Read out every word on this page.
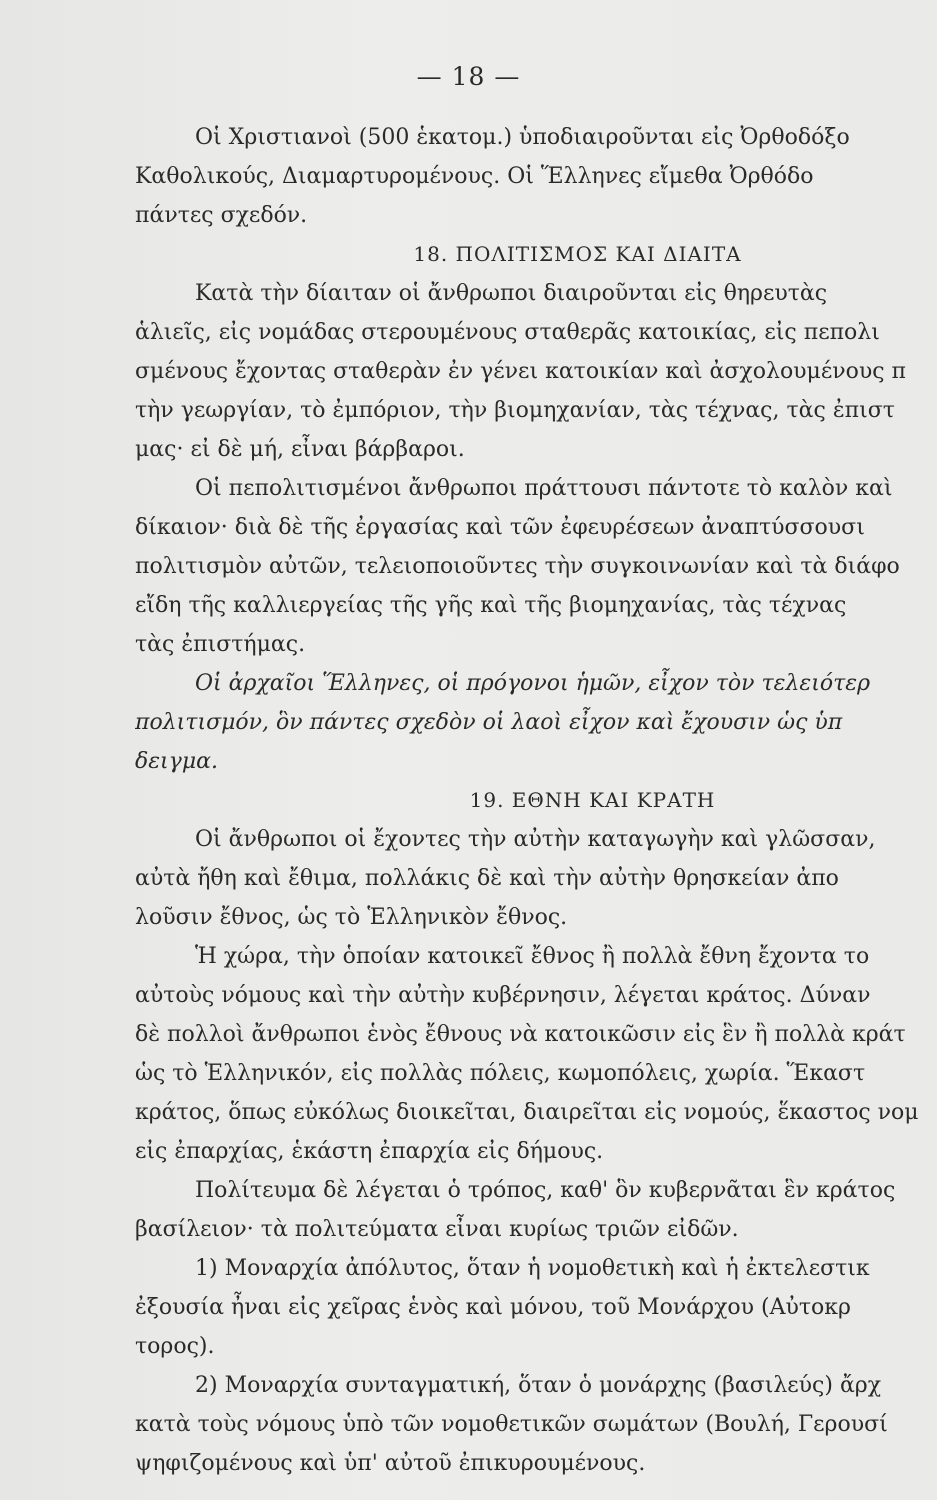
— 18 —
Οἱ Χριστιανοὶ (500 ἑκατομ.) ὑποδιαιροῦνται εἰς Ὀρθοδόξο
Καθολικούς, Διαμαρτυρομένους. Οἱ Ἕλληνες εἴμεθα Ὀρθόδο
πάντες σχεδόν.
18. ΠΟΛΙΤΙΣΜΟΣ ΚΑΙ ΔΙΑΙΤΑ
Κατὰ τὴν δίαιταν οἱ ἄνθρωποι διαιροῦνται εἰς θηρευτὰς
ἁλιεῖς, εἰς νομάδας στερουμένους σταθερᾶς κατοικίας, εἰς πεπολι
σμένους ἔχοντας σταθερὰν ἐν γένει κατοικίαν καὶ ἀσχολουμένους π
τὴν γεωργίαν, τὸ ἐμπόριον, τὴν βιομηχανίαν, τὰς τέχνας, τὰς ἐπιστ
μας· εἰ δὲ μή, εἶναι βάρβαροι.
Οἱ πεπολιτισμένοι ἄνθρωποι πράττουσι πάντοτε τὸ καλὸν καὶ
δίκαιον· διὰ δὲ τῆς ἐργασίας καὶ τῶν ἐφευρέσεων ἀναπτύσσουσι
πολιτισμὸν αὐτῶν, τελειοποιοῦντες τὴν συγκοινωνίαν καὶ τὰ διάφο
εἴδη τῆς καλλιεργείας τῆς γῆς καὶ τῆς βιομηχανίας, τὰς τέχνας
τὰς ἐπιστήμας.
Οἱ ἀρχαῖοι Ἕλληνες, οἱ πρόγονοι ἡμῶν, εἶχον τὸν τελειότερ
πολιτισμόν, ὃν πάντες σχεδὸν οἱ λαοὶ εἶχον καὶ ἔχουσιν ὡς ὑπ
δειγμα.
19. ΕΘΝΗ ΚΑΙ ΚΡΑΤΗ
Οἱ ἄνθρωποι οἱ ἔχοντες τὴν αὐτὴν καταγωγὴν καὶ γλῶσσαν,
αὐτὰ ἤθη καὶ ἔθιμα, πολλάκις δὲ καὶ τὴν αὐτὴν θρησκείαν ἀπο
λοῦσιν ἔθνος, ὡς τὸ Ἑλληνικὸν ἔθνος.
Ἡ χώρα, τὴν ὁποίαν κατοικεῖ ἔθνος ἢ πολλὰ ἔθνη ἔχοντα το
αὐτοὺς νόμους καὶ τὴν αὐτὴν κυβέρνησιν, λέγεται κράτος. Δύναν
δὲ πολλοὶ ἄνθρωποι ἑνὸς ἔθνους νὰ κατοικῶσιν εἰς ἓν ἢ πολλὰ κράτ
ὡς τὸ Ἑλληνικόν, εἰς πολλὰς πόλεις, κωμοπόλεις, χωρία. Ἕκαστ
κράτος, ὅπως εὐκόλως διοικεῖται, διαιρεῖται εἰς νομούς, ἕκαστος νομ
εἰς ἐπαρχίας, ἑκάστη ἐπαρχία εἰς δήμους.
Πολίτευμα δὲ λέγεται ὁ τρόπος, καθ' ὃν κυβερνᾶται ἓν κράτος
βασίλειον· τὰ πολιτεύματα εἶναι κυρίως τριῶν εἰδῶν.
1) Μοναρχία ἀπόλυτος, ὅταν ἡ νομοθετικὴ καὶ ἡ ἐκτελεστικ
ἐξουσία ἦναι εἰς χεῖρας ἑνὸς καὶ μόνου, τοῦ Μονάρχου (Αὐτοκρ
τορος).
2) Μοναρχία συνταγματική, ὅταν ὁ μονάρχης (βασιλεύς) ἄρχ
κατὰ τοὺς νόμους ὑπὸ τῶν νομοθετικῶν σωμάτων (Βουλή, Γερουσί
ψηφιζομένους καὶ ὑπ' αὐτοῦ ἐπικυρουμένους.
